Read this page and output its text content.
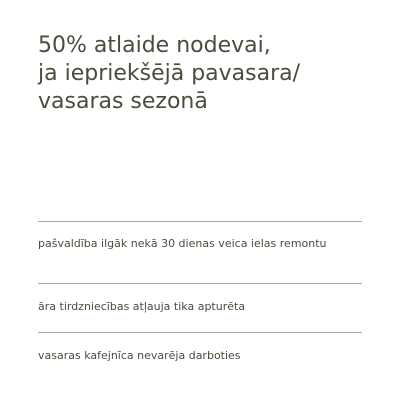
50% atlaide nodevai,
ja iepriekšējā pavasara/
vasaras sezonā
pašvaldība ilgāk nekā 30 dienas veica ielas remontu
āra tirdzniecības atļauja tika apturēta
vasaras kafejnīca nevarēja darboties
